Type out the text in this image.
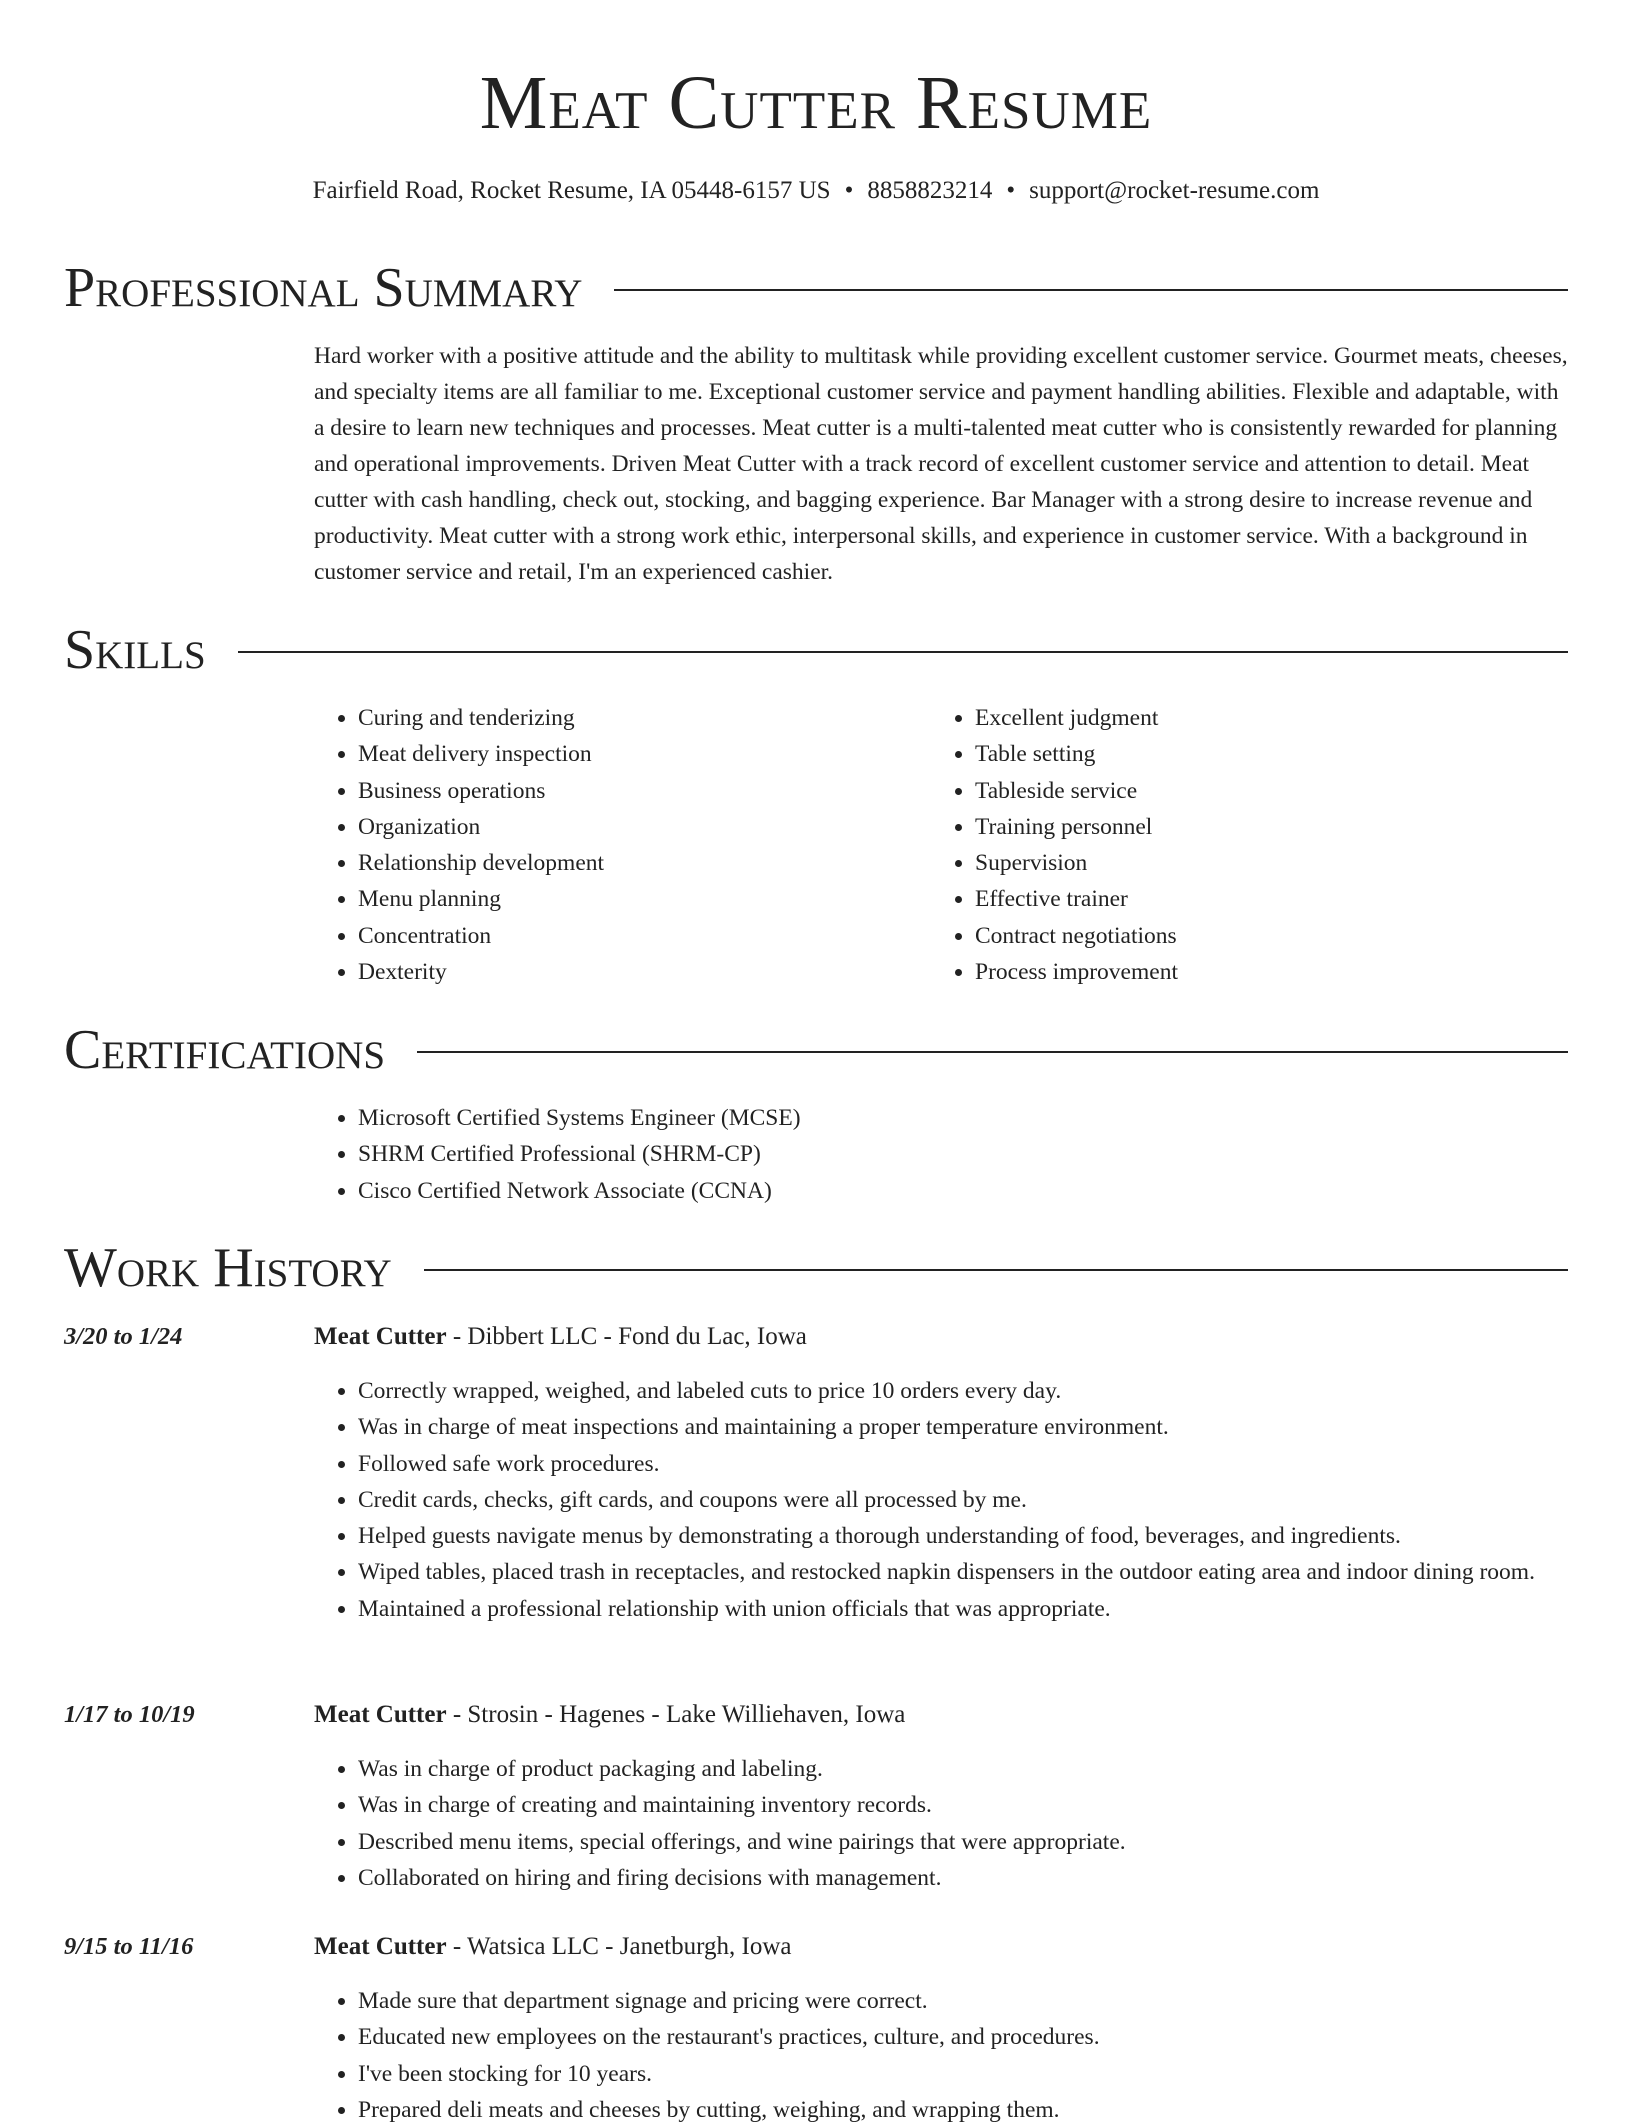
Meat Cutter Resume
Fairfield Road, Rocket Resume, IA 05448-6157 US • 8858823214 • support@rocket-resume.com
Professional Summary

Hard worker with a positive attitude and the ability to multitask while providing excellent customer service. Gourmet meats, cheeses, and specialty items are all familiar to me. Exceptional customer service and payment handling abilities. Flexible and adaptable, with a desire to learn new techniques and processes. Meat cutter is a multi-talented meat cutter who is consistently rewarded for planning and operational improvements. Driven Meat Cutter with a track record of excellent customer service and attention to detail. Meat cutter with cash handling, check out, stocking, and bagging experience. Bar Manager with a strong desire to increase revenue and productivity. Meat cutter with a strong work ethic, interpersonal skills, and experience in customer service. With a background in customer service and retail, I'm an experienced cashier.

Skills
• Curing and tenderizing
• Meat delivery inspection
• Business operations
• Organization
• Relationship development
• Menu planning
• Concentration
• Dexterity
• Excellent judgment
• Table setting
• Tableside service
• Training personnel
• Supervision
• Effective trainer
• Contract negotiations
• Process improvement
Certifications
• Microsoft Certified Systems Engineer (MCSE)
• SHRM Certified Professional (SHRM-CP)
• Cisco Certified Network Associate (CCNA)
Work History
3/20 to 1/24	Meat Cutter - Dibbert LLC - Fond du Lac, Iowa
• Correctly wrapped, weighed, and labeled cuts to price 10 orders every day.
• Was in charge of meat inspections and maintaining a proper temperature environment.
• Followed safe work procedures.
• Credit cards, checks, gift cards, and coupons were all processed by me.
• Helped guests navigate menus by demonstrating a thorough understanding of food, beverages, and ingredients.
• Wiped tables, placed trash in receptacles, and restocked napkin dispensers in the outdoor eating area and indoor dining room.
• Maintained a professional relationship with union officials that was appropriate.
1/17 to 10/19	Meat Cutter - Strosin - Hagenes - Lake Williehaven, Iowa
• Was in charge of product packaging and labeling.
• Was in charge of creating and maintaining inventory records.
• Described menu items, special offerings, and wine pairings that were appropriate.
• Collaborated on hiring and firing decisions with management.
9/15 to 11/16	Meat Cutter - Watsica LLC - Janetburgh, Iowa
• Made sure that department signage and pricing were correct.
• Educated new employees on the restaurant's practices, culture, and procedures.
• I've been stocking for 10 years.
• Prepared deli meats and cheeses by cutting, weighing, and wrapping them.
